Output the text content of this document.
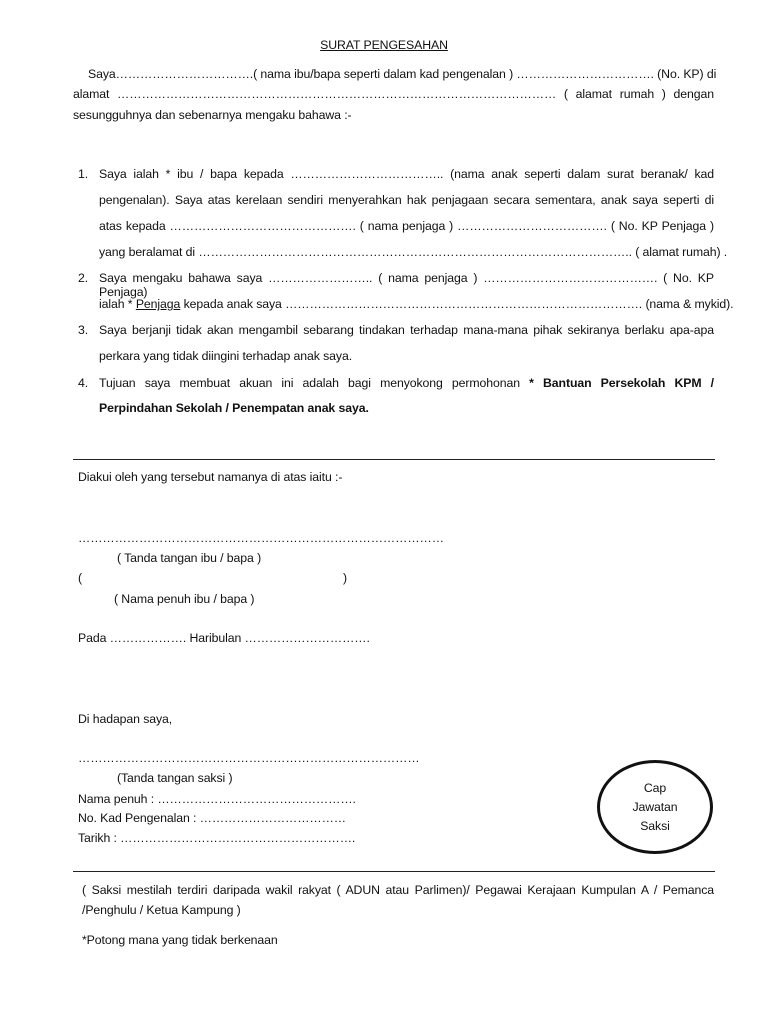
SURAT PENGESAHAN
Saya…………………………….( nama ibu/bapa seperti dalam kad pengenalan ) ……………………………. (No. KP) di
alamat ……………………………………………………………………………………………… ( alamat rumah ) dengan
sesungguhnya dan sebenarnya mengaku bahawa :-
1. Saya ialah * ibu / bapa kepada ……………………………….. (nama anak seperti dalam surat beranak/ kad
pengenalan). Saya atas kerelaan sendiri menyerahkan hak penjagaan secara sementara, anak saya seperti di
atas kepada ………………………………………. ( nama penjaga ) ………………………………. ( No. KP Penjaga )
yang beralamat di …………………………………………………………………………………………….. ( alamat rumah) .
2. Saya mengaku bahawa saya …………………….. ( nama penjaga ) ……………………………………. ( No. KP Penjaga)
ialah * Penjaga kepada anak saya ……………………………………………………………………………. (nama & mykid).
3. Saya berjanji tidak akan mengambil sebarang tindakan terhadap mana-mana pihak sekiranya berlaku apa-apa
perkara yang tidak diingini terhadap anak saya.
4. Tujuan saya membuat akuan ini adalah bagi menyokong permohonan * Bantuan Persekolah KPM /
Perpindahan Sekolah / Penempatan anak saya.
Diakui oleh yang tersebut namanya di atas iaitu :-
………………………………………………………………………………
( Tanda tangan ibu / bapa )
(	)
( Nama penuh ibu / bapa )
Pada ………………. Haribulan ………………………….
Di hadapan saya,
…………………………………………………………………………
(Tanda tangan saksi )
Nama penuh : ………………………………………….
No. Kad Pengenalan : ………………………………
Tarikh : ………………………………………………….
Cap
Jawatan
Saksi
( Saksi mestilah terdiri daripada wakil rakyat ( ADUN atau Parlimen)/ Pegawai Kerajaan Kumpulan A / Pemanca
/Penghulu / Ketua Kampung )
*Potong mana yang tidak berkenaan
